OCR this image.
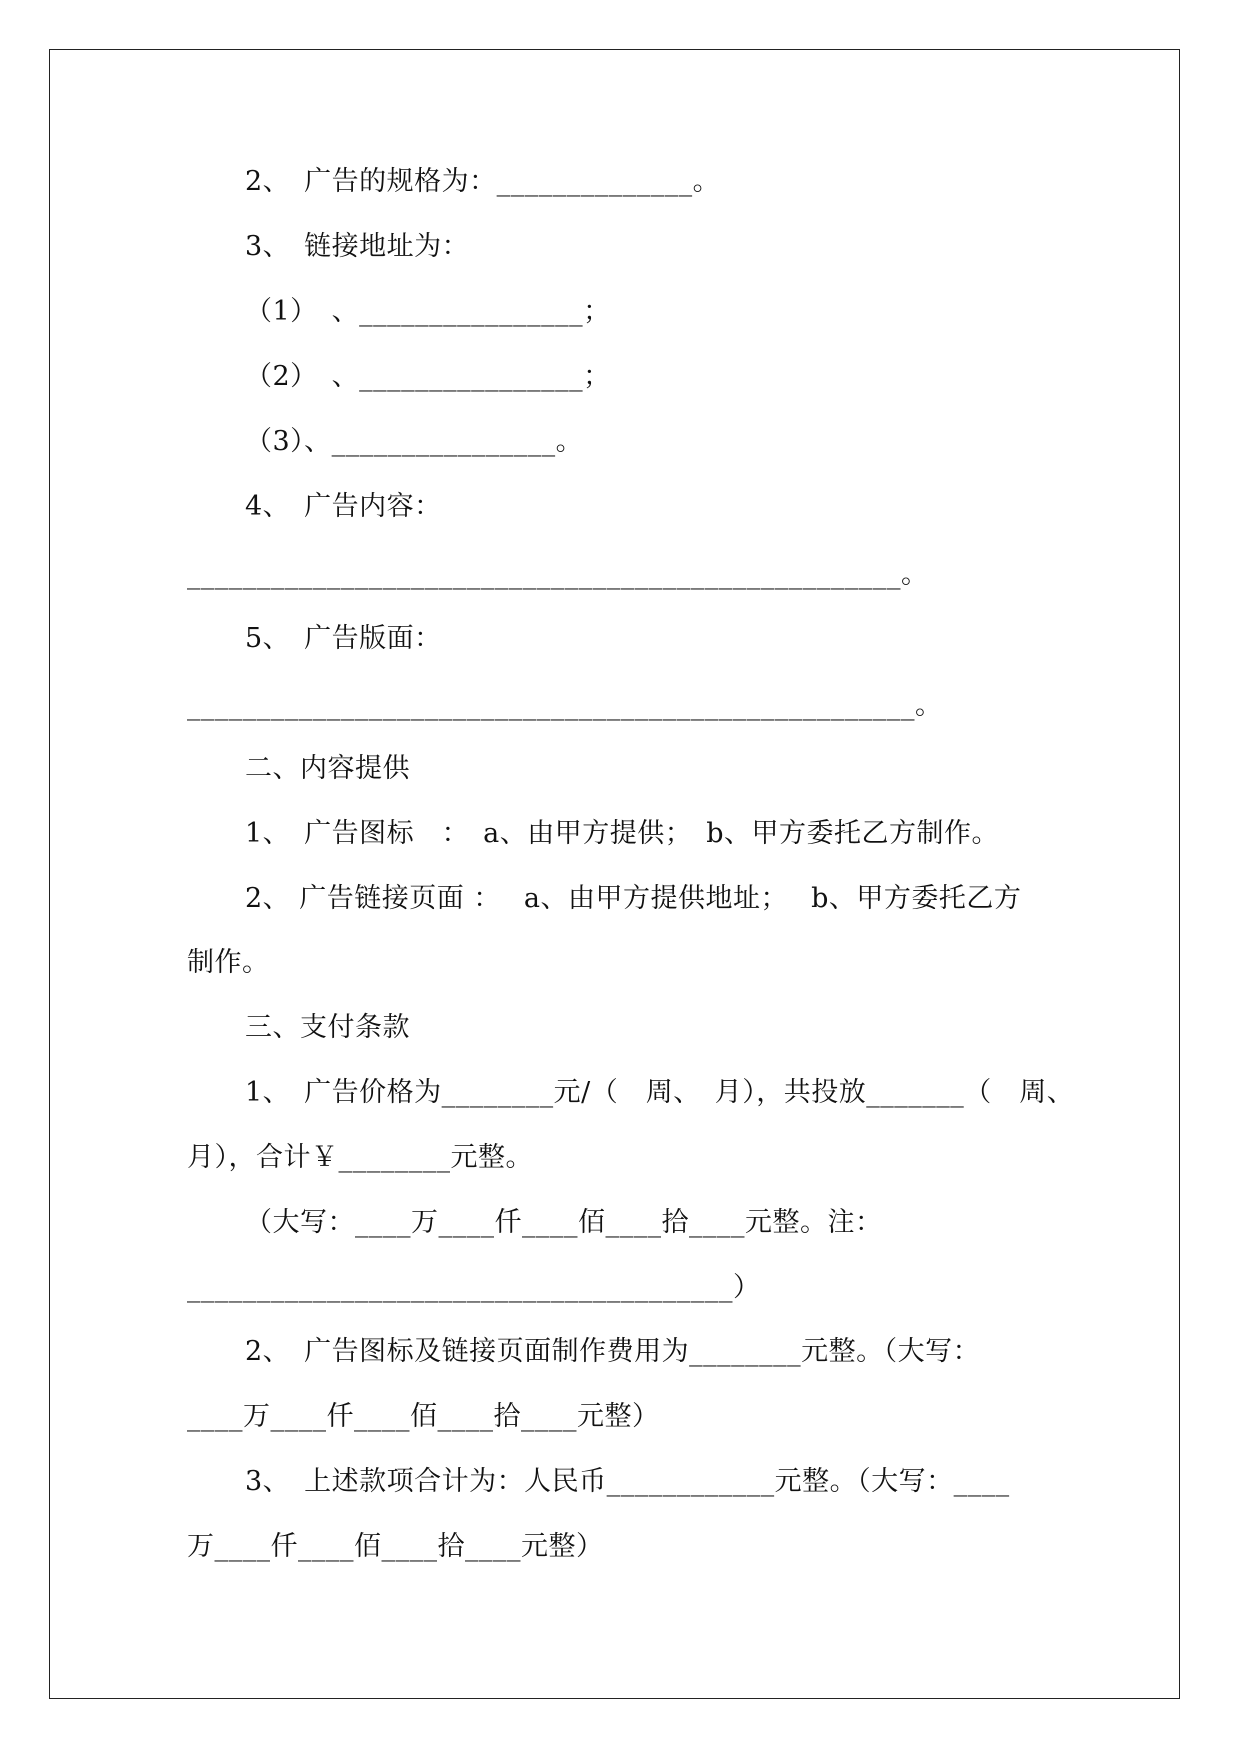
2、　广告的规格为：______________。
3、　链接地址为：
（1）　、________________；
（2）　、________________；
（3）、________________。
4、　广告内容：
___________________________________________________。
5、　广告版面：
____________________________________________________。
二、内容提供
1、　广告图标　：　a、由甲方提供；　b、甲方委托乙方制作。
2、 广告链接页面 ：　 a、由甲方提供地址；　 b、甲方委托乙方
制作。
三、支付条款
1、　广告价格为________元/（　周、　月），共投放_______（　周、
月），合计￥________元整。
（大写：____万____仟____佰____拾____元整。注：
_______________________________________）
2、　广告图标及链接页面制作费用为________元整。（大写：
____万____仟____佰____拾____元整）
3、　上述款项合计为：人民币____________元整。（大写：____
万____仟____佰____拾____元整）
